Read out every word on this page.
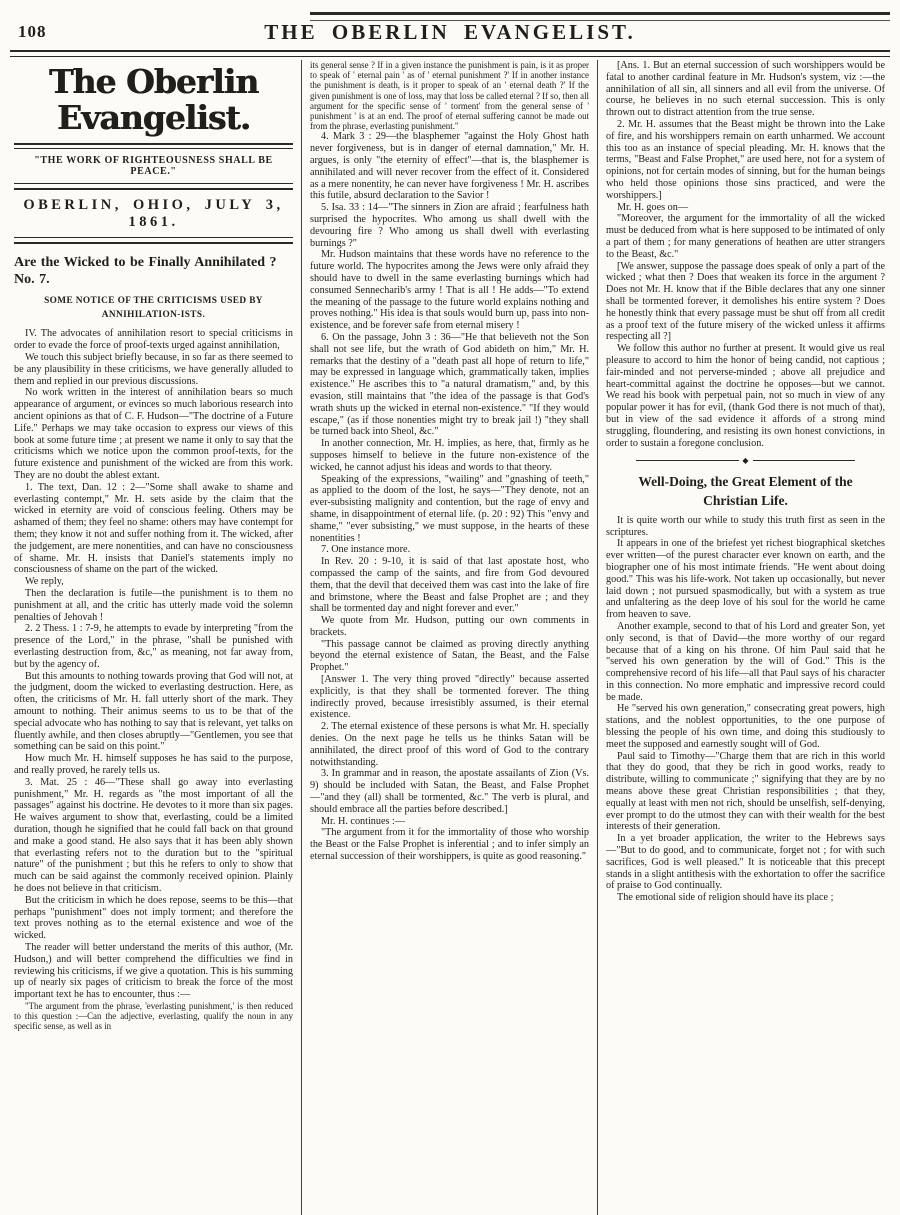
108	THE OBERLIN EVANGELIST.
The Oberlin Evangelist.
"THE WORK OF RIGHTEOUSNESS SHALL BE PEACE."
OBERLIN, OHIO, JULY 3, 1861.
Are the Wicked to be Finally Annihilated ? No. 7.
SOME NOTICE OF THE CRITICISMS USED BY ANNIHILATION-ISTS.

IV. The advocates of annihilation resort to special criticisms in order to evade the force of proof-texts urged against annihilation,

We touch this subject briefly because, in so far as there seemed to be any plausibility in these criticisms, we have generally alluded to them and replied in our previous discussions.

No work written in the interest of annihilation bears so much appearance of argument, or evinces so much laborious research into ancient opinions as that of C. F. Hudson—"The doctrine of a Future Life." Perhaps we may take occasion to express our views of this book at some future time ; at present we name it only to say that the criticisms which we notice upon the common proof-texts, for the future existence and punishment of the wicked are from this work. They are no doubt the ablest extant.

1. The text, Dan. 12 : 2—"Some shall awake to shame and everlasting contempt," Mr. H. sets aside by the claim that the wicked in eternity are void of conscious feeling. Others may be ashamed of them; they feel no shame: others may have contempt for them; they know it not and suffer nothing from it. The wicked, after the judgement, are mere nonentities, and can have no consciousness of shame. Mr. H. insists that Daniel's statements imply no consciousness of shame on the part of the wicked.

We reply,

Then the declaration is futile—the punishment is to them no punishment at all, and the critic has utterly made void the solemn penalties of Jehovah !

2. 2 Thess. 1 : 7-9, he attempts to evade by interpreting "from the presence of the Lord," in the phrase, "shall be punished with everlasting destruction from, &c," as meaning, not far away from, but by the agency of.

But this amounts to nothing towards proving that God will not, at the judgment, doom the wicked to everlasting destruction. Here, as often, the criticisms of Mr. H. fall utterly short of the mark. They amount to nothing. Their animus seems to us to be that of the special advocate who has nothing to say that is relevant, yet talks on fluently awhile, and then closes abruptly—"Gentlemen, you see that something can be said on this point."

How much Mr. H. himself supposes he has said to the purpose, and really proved, he rarely tells us.

3. Mat. 25 : 46—"These shall go away into everlasting punishment," Mr. H. regards as "the most important of all the passages" against his doctrine. He devotes to it more than six pages. He waives argument to show that, everlasting, could be a limited duration, though he signified that he could fall back on that ground and make a good stand. He also says that it has been ably shown that everlasting refers not to the duration but to the "spiritual nature" of the punishment ; but this he refers to only to show that much can be said against the commonly received opinion. Plainly he does not believe in that criticism.

But the criticism in which he does repose, seems to be this—that perhaps "punishment" does not imply torment; and therefore the text proves nothing as to the eternal existence and woe of the wicked.

The reader will better understand the merits of this author, (Mr. Hudson,) and will better comprehend the difficulties we find in reviewing his criticisms, if we give a quotation. This is his summing up of nearly six pages of criticism to break the force of the most important text he has to encounter, thus :—

"The argument from the phrase, 'everlasting punishment,' is then reduced to this question :—Can the adjective, everlasting, qualify the noun in any specific sense, as well as in

its general sense ? If in a given instance the punishment is pain, is it as proper to speak of ' eternal pain ' as of ' eternal punishment ?' If in another instance the punishment is death, is it proper to speak of an ' eternal death ?' If the given punishment is one of loss, may that loss be called eternal ? If so, then all argument for the specific sense of ' torment' from the general sense of ' punishment ' is at an end. The proof of eternal suffering cannot be made out from the phrase, everlasting punishment."

4. Mark 3 : 29—the blasphemer "against the Holy Ghost hath never forgiveness, but is in danger of eternal damnation," Mr. H. argues, is only "the eternity of effect"—that is, the blasphemer is annihilated and will never recover from the effect of it. Considered as a mere nonentity, he can never have forgiveness ! Mr. H. ascribes this futile, absurd declaration to the Savior !

5. Isa. 33 : 14—"The sinners in Zion are afraid ; fearfulness hath surprised the hypocrites. Who among us shall dwell with the devouring fire ? Who among us shall dwell with everlasting burnings ?"

Mr. Hudson maintains that these words have no reference to the future world. The hypocrites among the Jews were only afraid they should have to dwell in the same everlasting burnings which had consumed Sennecharib's army ! That is all ! He adds—"To extend the meaning of the passage to the future world explains nothing and proves nothing." His idea is that souls would burn up, pass into non-existence, and be forever safe from eternal misery !

6. On the passage, John 3 : 36—"He that believeth not the Son shall not see life, but the wrath of God abideth on him," Mr. H. remarks that the destiny of a "death past all hope of return to life," may be expressed in language which, grammatically taken, implies existence." He ascribes this to "a natural dramatism," and, by this evasion, still maintains that "the idea of the passage is that God's wrath shuts up the wicked in eternal non-existence." "If they would escape," (as if those nonenties might try to break jail !) "they shall be turned back into Sheol, &c."

In another connection, Mr. H. implies, as here, that, firmly as he supposes himself to believe in the future non-existence of the wicked, he cannot adjust his ideas and words to that theory.

Speaking of the expressions, "wailing" and "gnashing of teeth," as applied to the doom of the lost, he says—"They denote, not an ever-subsisting malignity and contention, but the rage of envy and shame, in disappointment of eternal life. (p. 20 : 92) This "envy and shame," "ever subsisting," we must suppose, in the hearts of these nonentities !

7. One instance more.

In Rev. 20 : 9-10, it is said of that last apostate host, who compassed the camp of the saints, and fire from God devoured them, that the devil that deceived them was cast into the lake of fire and brimstone, where the Beast and false Prophet are ; and they shall be tormented day and night forever and ever."

We quote from Mr. Hudson, putting our own comments in brackets.

"This passage cannot be claimed as proving directly anything beyond the eternal existence of Satan, the Beast, and the False Prophet."

[Answer 1. The very thing proved "directly" because asserted explicitly, is that they shall be tormented forever. The thing indirectly proved, because irresistibly assumed, is their eternal existence.

2. The eternal existence of these persons is what Mr. H. specially denies. On the next page he tells us he thinks Satan will be annihilated, the direct proof of this word of God to the contrary notwithstanding.

3. In grammar and in reason, the apostate assailants of Zion (Vs. 9) should be included with Satan, the Beast, and False Prophet—"and they (all) shall be tormented, &c." The verb is plural, and should embrace all the parties before described.]

Mr. H. continues :—

"The argument from it for the immortality of those who worship the Beast or the False Prophet is inferential ; and to infer simply an eternal succession of their worshippers, is quite as good reasoning."

[Ans. 1. But an eternal succession of such worshippers would be fatal to another cardinal feature in Mr. Hudson's system, viz :—the annihilation of all sin, all sinners and all evil from the universe. Of course, he believes in no such eternal succession. This is only thrown out to distract attention from the true sense.

2. Mr. H. assumes that the Beast might be thrown into the Lake of fire, and his worshippers remain on earth unharmed. We account this too as an instance of special pleading. Mr. H. knows that the terms, "Beast and False Prophet," are used here, not for a system of opinions, not for certain modes of sinning, but for the human beings who held those opinions those sins practiced, and were the worshippers.]

Mr. H. goes on—

"Moreover, the argument for the immortality of all the wicked must be deduced from what is here supposed to be intimated of only a part of them ; for many generations of heathen are utter strangers to the Beast, &c."

[We answer, suppose the passage does speak of only a part of the wicked ; what then ? Does that weaken its force in the argument ? Does not Mr. H. know that if the Bible declares that any one sinner shall be tormented forever, it demolishes his entire system ? Does he honestly think that every passage must be shut off from all credit as a proof text of the future misery of the wicked unless it affirms respecting all ?]

We follow this author no further at present. It would give us real pleasure to accord to him the honor of being candid, not captious ; fair-minded and not perverse-minded ; above all prejudice and heart-committal against the doctrine he opposes—but we cannot. We read his book with perpetual pain, not so much in view of any popular power it has for evil, (thank God there is not much of that), but in view of the sad evidence it affords of a strong mind struggling, floundering, and resisting its own honest convictions, in order to sustain a foregone conclusion.

◆
Well-Doing, the Great Element of the Christian Life.

It is quite worth our while to study this truth first as seen in the scriptures.

It appears in one of the briefest yet richest biographical sketches ever written—of the purest character ever known on earth, and the biographer one of his most intimate friends. "He went about doing good." This was his life-work. Not taken up occasionally, but never laid down ; not pursued spasmodically, but with a system as true and unfaltering as the deep love of his soul for the world he came from heaven to save.

Another example, second to that of his Lord and greater Son, yet only second, is that of David—the more worthy of our regard because that of a king on his throne. Of him Paul said that he "served his own generation by the will of God." This is the comprehensive record of his life—all that Paul says of his character in this connection. No more emphatic and impressive record could be made.

He "served his own generation," consecrating great powers, high stations, and the noblest opportunities, to the one purpose of blessing the people of his own time, and doing this studiously to meet the supposed and earnestly sought will of God.

Paul said to Timothy—"Charge them that are rich in this world that they do good, that they be rich in good works, ready to distribute, willing to communicate ;" signifying that they are by no means above these great Christian responsibilities ; that they, equally at least with men not rich, should be unselfish, self-denying, ever prompt to do the utmost they can with their wealth for the best interests of their generation.

In a yet broader application, the writer to the Hebrews says—"But to do good, and to communicate, forget not ; for with such sacrifices, God is well pleased." It is noticeable that this precept stands in a slight antithesis with the exhortation to offer the sacrifice of praise to God continually.

The emotional side of religion should have its place ;
